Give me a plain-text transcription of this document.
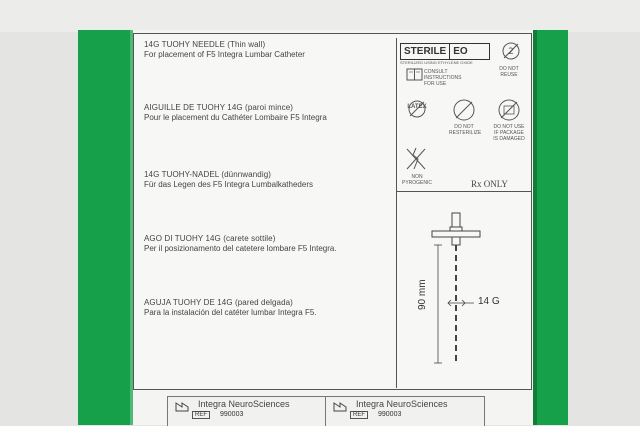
14G TUOHY NEEDLE (Thin wall)
For placement of F5 Integra Lumbar Catheter
AIGUILLE DE TUOHY 14G (paroi mince)
Pour le placement du Cathéter Lombaire F5 Integra
14G TUOHY-NADEL (dünnwandig)
Für das Legen des F5 Integra Lumbalkatheders
AGO DI TUOHY 14G (carete sottile)
Per il posizionamento del catetere lombare F5 Integra.
AGUJA TUOHY DE 14G (pared delgada)
Para la instalación del catéter lumbar Integra F5.
STERILE EO
STERILIZED USING ETHYLENE OXIDE
2
DO NOT REUSE
CONSULT INSTRUCTIONS FOR USE
LATEX
DO NOT RESTERILIZE
DO NOT USE IF PACKAGE IS DAMAGED
NON PYROGENIC	Rx ONLY
90 mm	14 G
Integra NeuroSciences
REF	990003
Integra NeuroSciences
REF	990003
